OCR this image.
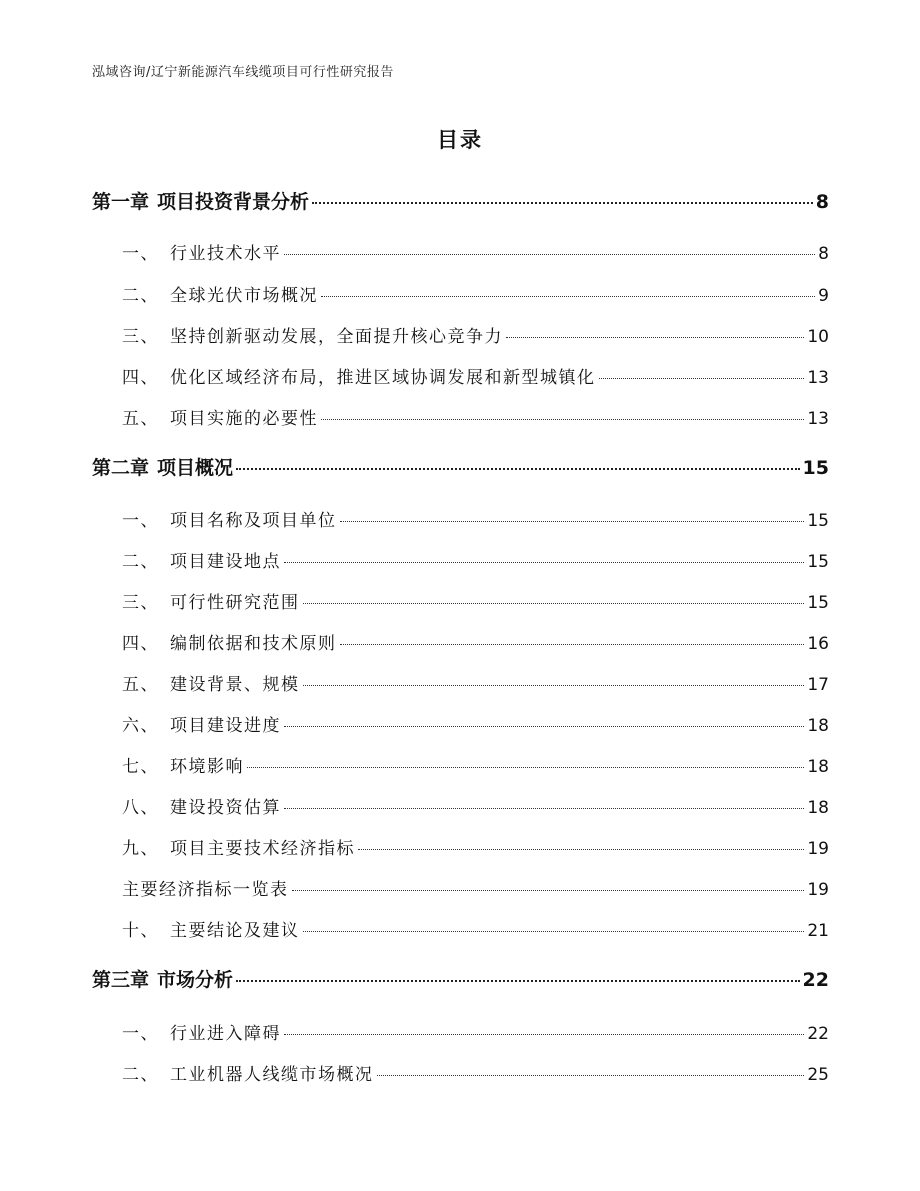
泓域咨询/辽宁新能源汽车线缆项目可行性研究报告
目录
第一章 项目投资背景分析	8
一、 行业技术水平	8
二、 全球光伏市场概况	9
三、 坚持创新驱动发展，全面提升核心竞争力	10
四、 优化区域经济布局，推进区域协调发展和新型城镇化	13
五、 项目实施的必要性	13
第二章 项目概况	15
一、 项目名称及项目单位	15
二、 项目建设地点	15
三、 可行性研究范围	15
四、 编制依据和技术原则	16
五、 建设背景、规模	17
六、 项目建设进度	18
七、 环境影响	18
八、 建设投资估算	18
九、 项目主要技术经济指标	19
主要经济指标一览表	19
十、 主要结论及建议	21
第三章 市场分析	22
一、 行业进入障碍	22
二、 工业机器人线缆市场概况	25
